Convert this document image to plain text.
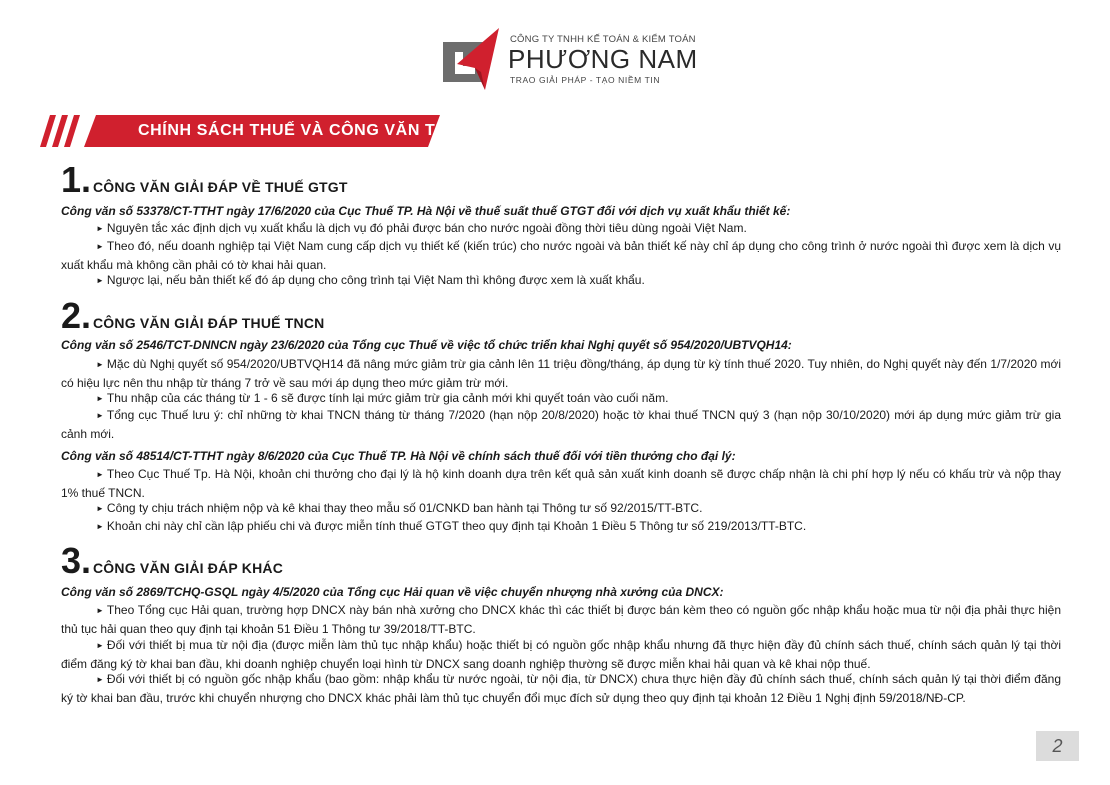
CÔNG TY TNHH KẾ TOÁN & KIỂM TOÁN
PHƯƠNG NAM
TRAO GIẢI PHÁP - TẠO NIỀM TIN
CHÍNH SÁCH THUẾ VÀ CÔNG VĂN TRẢ LỜI
1. CÔNG VĂN GIẢI ĐÁP VỀ THUẾ GTGT
Công văn số 53378/CT-TTHT ngày 17/6/2020 của Cục Thuế TP. Hà Nội về thuế suất thuế GTGT đối với dịch vụ xuất khẩu thiết kế:
► Nguyên tắc xác định dịch vụ xuất khẩu là dịch vụ đó phải được bán cho nước ngoài đồng thời tiêu dùng ngoài Việt Nam.
► Theo đó, nếu doanh nghiệp tại Việt Nam cung cấp dịch vụ thiết kế (kiến trúc) cho nước ngoài và bản thiết kế này chỉ áp dụng cho công trình ở nước ngoài thì được xem là dịch vụ xuất khẩu mà không cần phải có tờ khai hải quan.
► Ngược lại, nếu bản thiết kế đó áp dụng cho công trình tại Việt Nam thì không được xem là xuất khẩu.
2. CÔNG VĂN GIẢI ĐÁP THUẾ TNCN
Công văn số 2546/TCT-DNNCN ngày 23/6/2020 của Tổng cục Thuế về việc tổ chức triển khai Nghị quyết số 954/2020/UBTVQH14:
► Mặc dù Nghị quyết số 954/2020/UBTVQH14 đã nâng mức giảm trừ gia cảnh lên 11 triệu đồng/tháng, áp dụng từ kỳ tính thuế 2020. Tuy nhiên, do Nghị quyết này đến 1/7/2020 mới có hiệu lực nên thu nhập từ tháng 7 trở về sau mới áp dụng theo mức giảm trừ mới.
► Thu nhập của các tháng từ 1 - 6 sẽ được tính lại mức giảm trừ gia cảnh mới khi quyết toán vào cuối năm.
► Tổng cục Thuế lưu ý: chỉ những tờ khai TNCN tháng từ tháng 7/2020 (hạn nộp 20/8/2020) hoặc tờ khai thuế TNCN quý 3 (hạn nộp 30/10/2020) mới áp dụng mức giảm trừ gia cảnh mới.
Công văn số 48514/CT-TTHT ngày 8/6/2020 của Cục Thuế TP. Hà Nội về chính sách thuế đối với tiền thưởng cho đại lý:
► Theo Cục Thuế Tp. Hà Nội, khoản chi thưởng cho đại lý là hộ kinh doanh dựa trên kết quả sản xuất kinh doanh sẽ được chấp nhận là chi phí hợp lý nếu có khấu trừ và nộp thay 1% thuế TNCN.
► Công ty chịu trách nhiệm nộp và kê khai thay theo mẫu số 01/CNKD ban hành tại Thông tư số 92/2015/TT-BTC.
► Khoản chi này chỉ cần lập phiếu chi và được miễn tính thuế GTGT theo quy định tại Khoản 1 Điều 5 Thông tư số 219/2013/TT-BTC.
3. CÔNG VĂN GIẢI ĐÁP KHÁC
Công văn số 2869/TCHQ-GSQL ngày 4/5/2020 của Tổng cục Hải quan về việc chuyển nhượng nhà xưởng của DNCX:
► Theo Tổng cục Hải quan, trường hợp DNCX này bán nhà xưởng cho DNCX khác thì các thiết bị được bán kèm theo có nguồn gốc nhập khẩu hoặc mua từ nội địa phải thực hiện thủ tục hải quan theo quy định tại khoản 51 Điều 1 Thông tư 39/2018/TT-BTC.
► Đối với thiết bị mua từ nội địa (được miễn làm thủ tục nhập khẩu) hoặc thiết bị có nguồn gốc nhập khẩu nhưng đã thực hiện đầy đủ chính sách thuế, chính sách quản lý tại thời điểm đăng ký tờ khai ban đầu, khi doanh nghiệp chuyển loại hình từ DNCX sang doanh nghiệp thường sẽ được miễn khai hải quan và kê khai nộp thuế.
► Đối với thiết bị có nguồn gốc nhập khẩu (bao gồm: nhập khẩu từ nước ngoài, từ nội địa, từ DNCX) chưa thực hiện đầy đủ chính sách thuế, chính sách quản lý tại thời điểm đăng ký tờ khai ban đầu, trước khi chuyển nhượng cho DNCX khác phải làm thủ tục chuyển đổi mục đích sử dụng theo quy định tại khoản 12 Điều 1 Nghị định 59/2018/NĐ-CP.
2
